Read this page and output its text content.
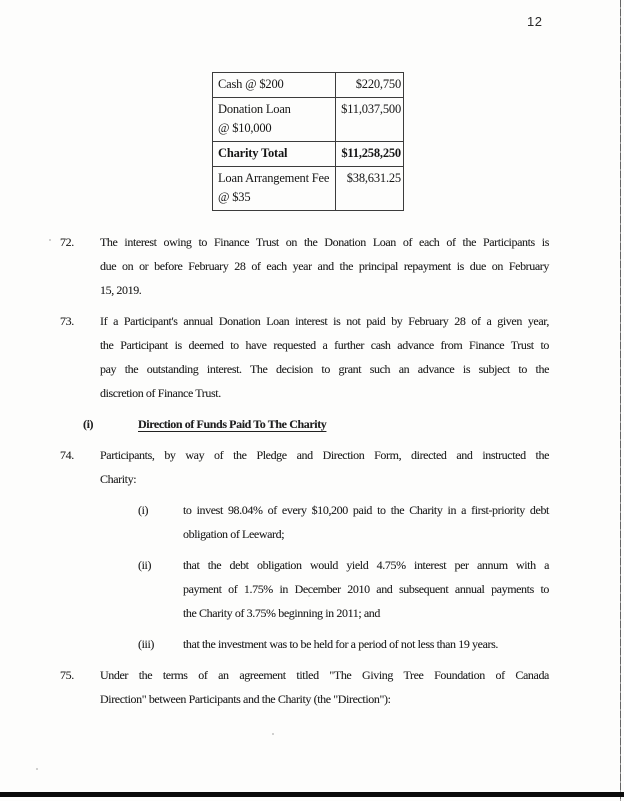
12
Cash @ $200	$220,750

Donation Loan
@ $10,000	$11,037,500

Charity Total	$11,258,250

Loan Arrangement Fee
@ $35	$38,631.25
72.	The interest owing to Finance Trust on the Donation Loan of each of the Participants is
due on or before February 28 of each year and the principal repayment is due on February
15, 2019.
73.	If a Participant's annual Donation Loan interest is not paid by February 28 of a given year,
the Participant is deemed to have requested a further cash advance from Finance Trust to
pay the outstanding interest. The decision to grant such an advance is subject to the
discretion of Finance Trust.
(i)	Direction of Funds Paid To The Charity
74.	Participants, by way of the Pledge and Direction Form, directed and instructed the
Charity:
(i)	to invest 98.04% of every $10,200 paid to the Charity in a first-priority debt
obligation of Leeward;
(ii)	that the debt obligation would yield 4.75% interest per annum with a
payment of 1.75% in December 2010 and subsequent annual payments to
the Charity of 3.75% beginning in 2011; and
(iii)	that the investment was to be held for a period of not less than 19 years.
75.	Under the terms of an agreement titled "The Giving Tree Foundation of Canada
Direction" between Participants and the Charity (the "Direction"):
